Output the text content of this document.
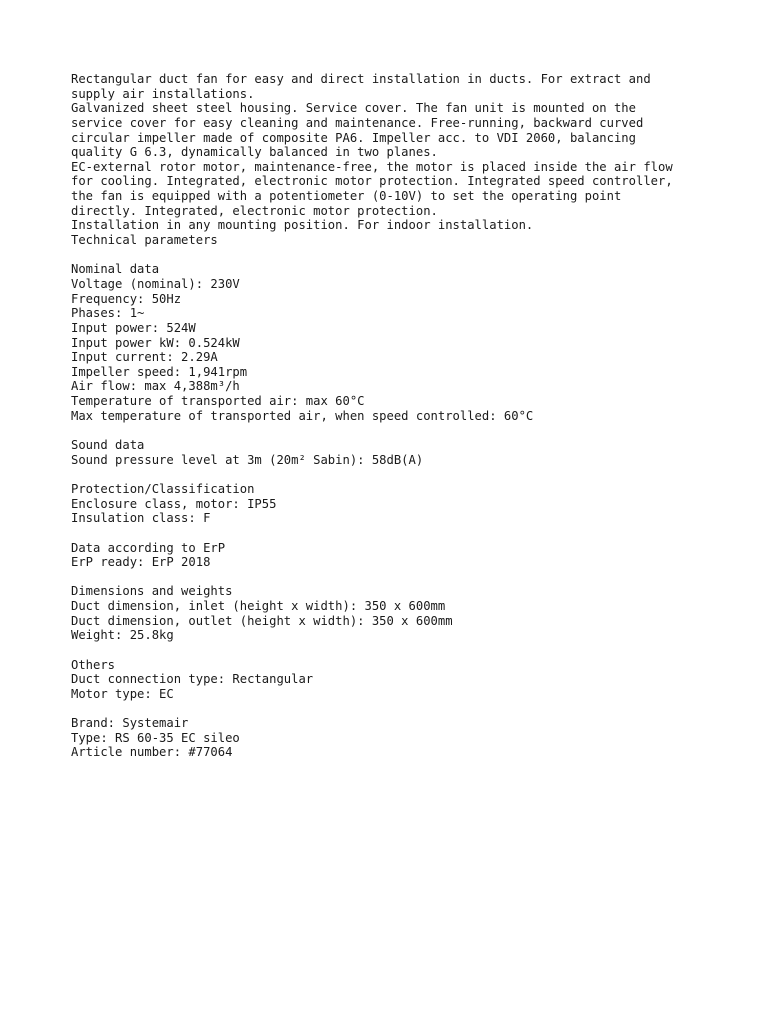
Rectangular duct fan for easy and direct installation in ducts. For extract and
supply air installations.
Galvanized sheet steel housing. Service cover. The fan unit is mounted on the
service cover for easy cleaning and maintenance. Free-running, backward curved
circular impeller made of composite PA6. Impeller acc. to VDI 2060, balancing
quality G 6.3, dynamically balanced in two planes.
EC-external rotor motor, maintenance-free, the motor is placed inside the air flow
for cooling. Integrated, electronic motor protection. Integrated speed controller,
the fan is equipped with a potentiometer (0-10V) to set the operating point
directly. Integrated, electronic motor protection.
Installation in any mounting position. For indoor installation.
Technical parameters
Nominal data
Voltage (nominal): 230V
Frequency: 50Hz
Phases: 1~
Input power: 524W
Input power kW: 0.524kW
Input current: 2.29A
Impeller speed: 1,941rpm
Air flow: max 4,388m³/h
Temperature of transported air: max 60°C
Max temperature of transported air, when speed controlled: 60°C
Sound data
Sound pressure level at 3m (20m² Sabin): 58dB(A)
Protection/Classification
Enclosure class, motor: IP55
Insulation class: F
Data according to ErP
ErP ready: ErP 2018
Dimensions and weights
Duct dimension, inlet (height x width): 350 x 600mm
Duct dimension, outlet (height x width): 350 x 600mm
Weight: 25.8kg
Others
Duct connection type: Rectangular
Motor type: EC
Brand: Systemair
Type: RS 60-35 EC sileo
Article number: #77064
